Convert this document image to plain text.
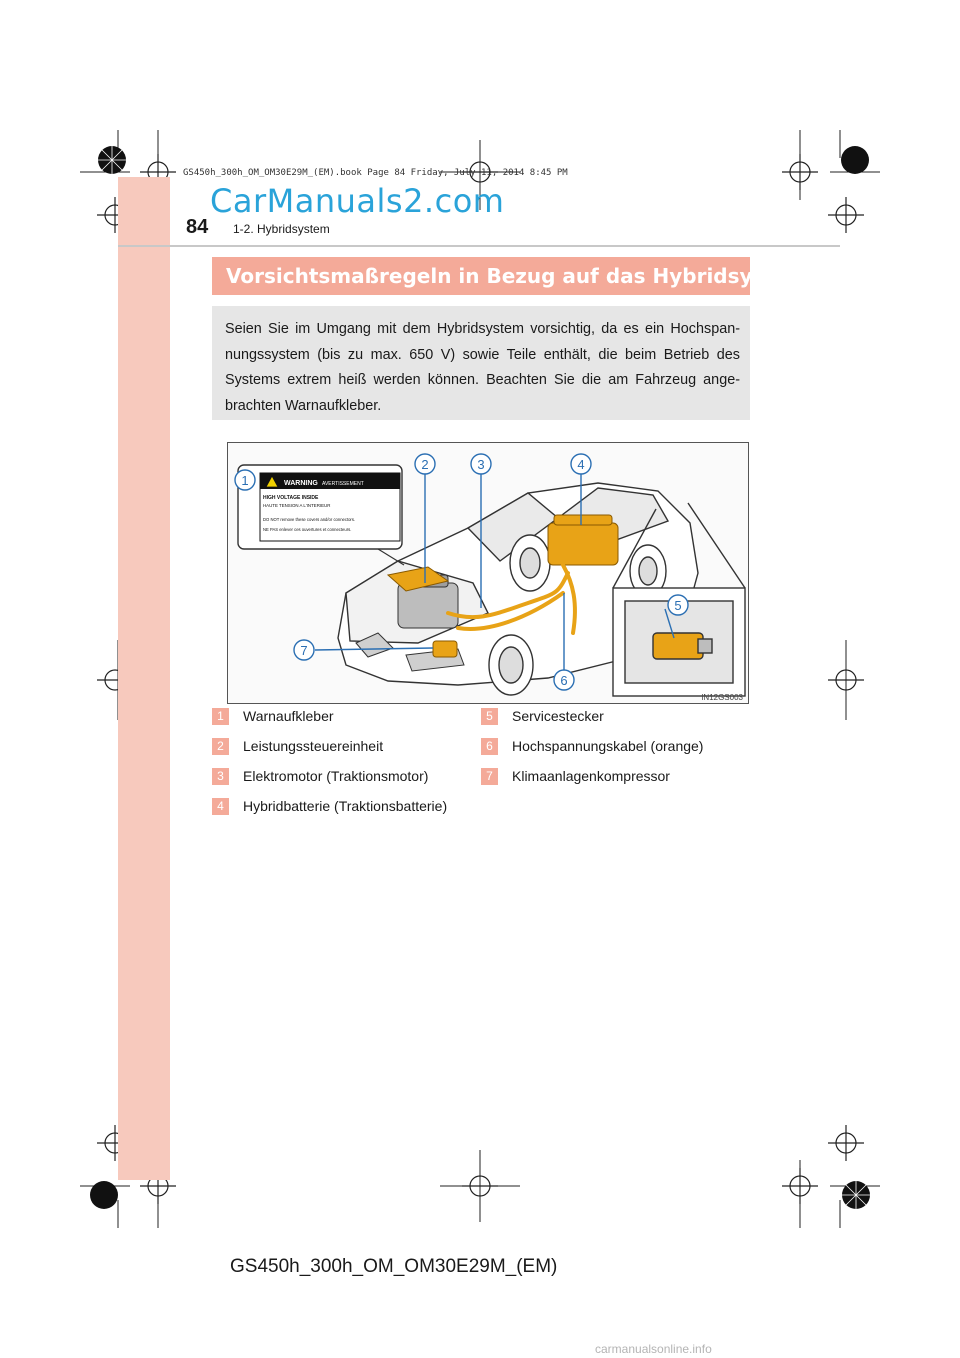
GS450h_300h_OM_OM30E29M_(EM).book Page 84 Friday, July 11, 2014 8:45 PM
CarManuals2.com
84 1-2. Hybridsystem
Vorsichtsmaßregeln in Bezug auf das Hybridsystem
Seien Sie im Umgang mit dem Hybridsystem vorsichtig, da es ein Hochspan-nungssystem (bis zu max. 650 V) sowie Teile enthält, die beim Betrieb des Systems extrem heiß werden können. Beachten Sie die am Fahrzeug ange-brachten Warnaufkleber.
WARNING AVERTISSEMENT
HIGH VOLTAGE INSIDE
HAUTE TENSION A L'INTERIEUR
DO NOT remove these covers and/or connectors.
NE PAS enlever ces ouvertures et connecteurs.
1
2	3	4
5
6
7
IN12GS003
1	Warnaufkleber
2	Leistungssteuereinheit
3	Elektromotor (Traktionsmotor)
4	Hybridbatterie (Traktionsbatterie)
5	Servicestecker
6	Hochspannungskabel (orange)
7	Klimaanlagenkompressor
GS450h_300h_OM_OM30E29M_(EM)
carmanualsonline.info
